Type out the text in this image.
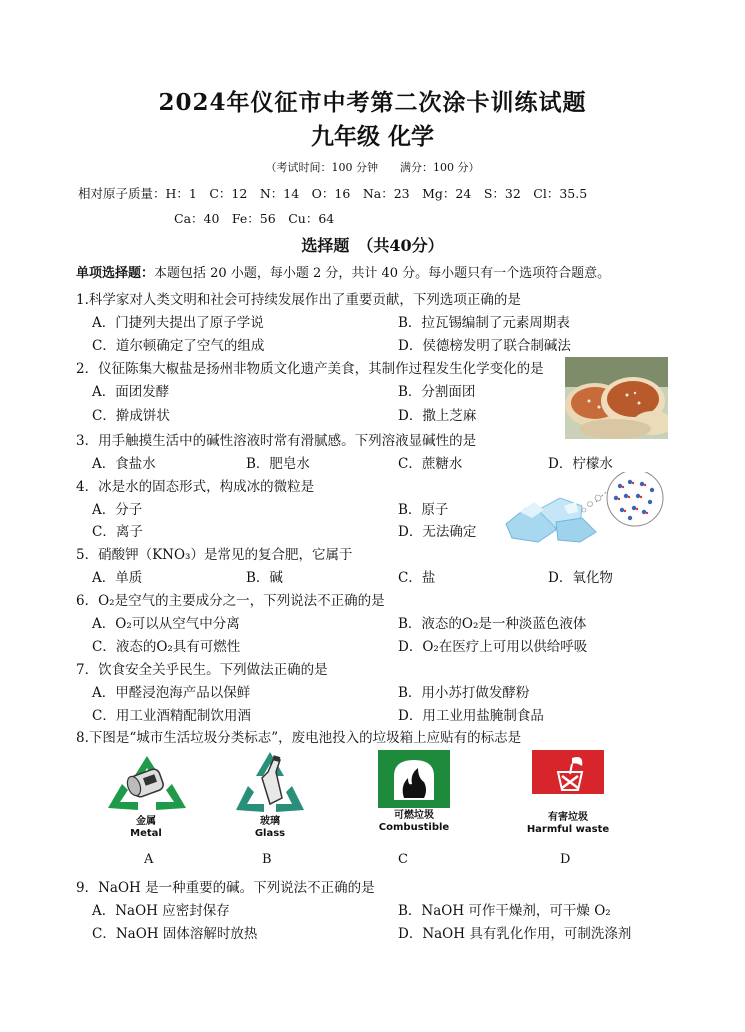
2024年仪征市中考第二次涂卡训练试题
九年级 化学
（考试时间：100 分钟　　满分：100 分）
相对原子质量：H：1　C：12　N：14　O：16　Na：23　Mg：24　S：32　Cl：35.5
Ca：40　Fe：56　Cu：64
选择题　（共40分）
单项选择题：本题包括 20 小题，每小题 2 分，共计 40 分。每小题只有一个选项符合题意。
1.科学家对人类文明和社会可持续发展作出了重要贡献，下列选项正确的是
A．门捷列夫提出了原子学说	B．拉瓦锡编制了元素周期表
C．道尔顿确定了空气的组成	D．侯德榜发明了联合制碱法
2．仪征陈集大椒盐是扬州非物质文化遗产美食，其制作过程发生化学变化的是
A．面团发酵	B．分割面团
C．擀成饼状	D．撒上芝麻
3．用手触摸生活中的碱性溶液时常有滑腻感。下列溶液显碱性的是
A．食盐水	B．肥皂水	C．蔗糖水	D．柠檬水
4．冰是水的固态形式，构成冰的微粒是
A．分子	B．原子
C．离子	D．无法确定
5．硝酸钾（KNO₃）是常见的复合肥，它属于
A．单质	B．碱	C．盐	D．氧化物
6．O₂是空气的主要成分之一，下列说法不正确的是
A．O₂可以从空气中分离	B．液态的O₂是一种淡蓝色液体
C．液态的O₂具有可燃性	D．O₂在医疗上可用以供给呼吸
7．饮食安全关乎民生。下列做法正确的是
A．甲醛浸泡海产品以保鲜	B．用小苏打做发酵粉
C．用工业酒精配制饮用酒	D．用工业用盐腌制食品
8.下图是“城市生活垃圾分类标志”，废电池投入的垃圾箱上应贴有的标志是
金属
Metal
A
玻璃
Glass
B
可燃垃圾
Combustible
C
有害垃圾
Harmful waste
D
9．NaOH 是一种重要的碱。下列说法不正确的是
A．NaOH 应密封保存	B．NaOH 可作干燥剂，可干燥 O₂
C．NaOH 固体溶解时放热	D．NaOH 具有乳化作用，可制洗涤剂
